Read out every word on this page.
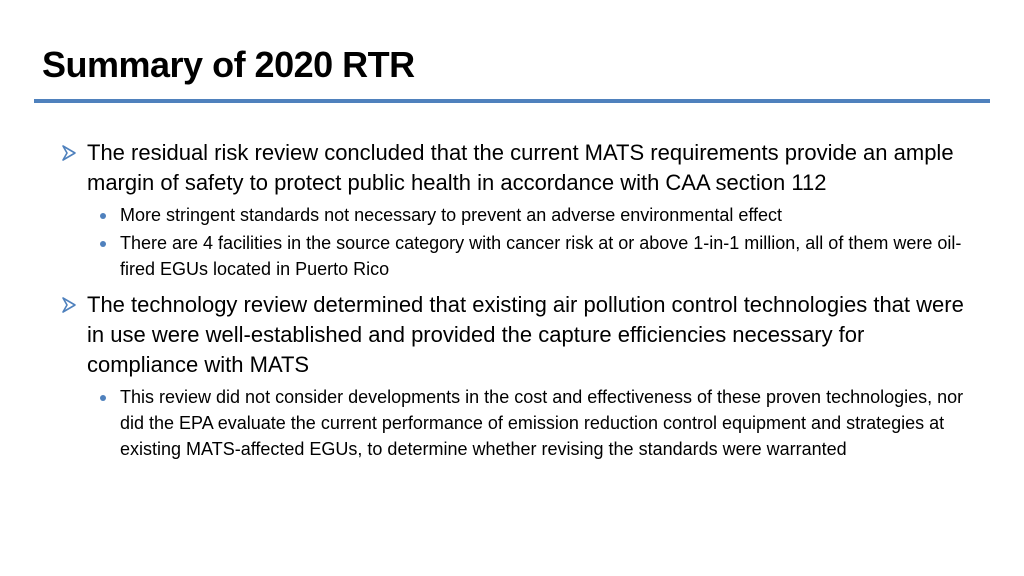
Summary of 2020 RTR
The residual risk review concluded that the current MATS requirements provide an ample margin of safety to protect public health in accordance with CAA section 112
More stringent standards not necessary to prevent an adverse environmental effect
There are 4 facilities in the source category with cancer risk at or above 1-in-1 million, all of them were oil-fired EGUs located in Puerto Rico
The technology review determined that existing air pollution control technologies that were in use were well-established and provided the capture efficiencies necessary for compliance with MATS
This review did not consider developments in the cost and effectiveness of these proven technologies, nor did the EPA evaluate the current performance of emission reduction control equipment and strategies at existing MATS-affected EGUs, to determine whether revising the standards were warranted
